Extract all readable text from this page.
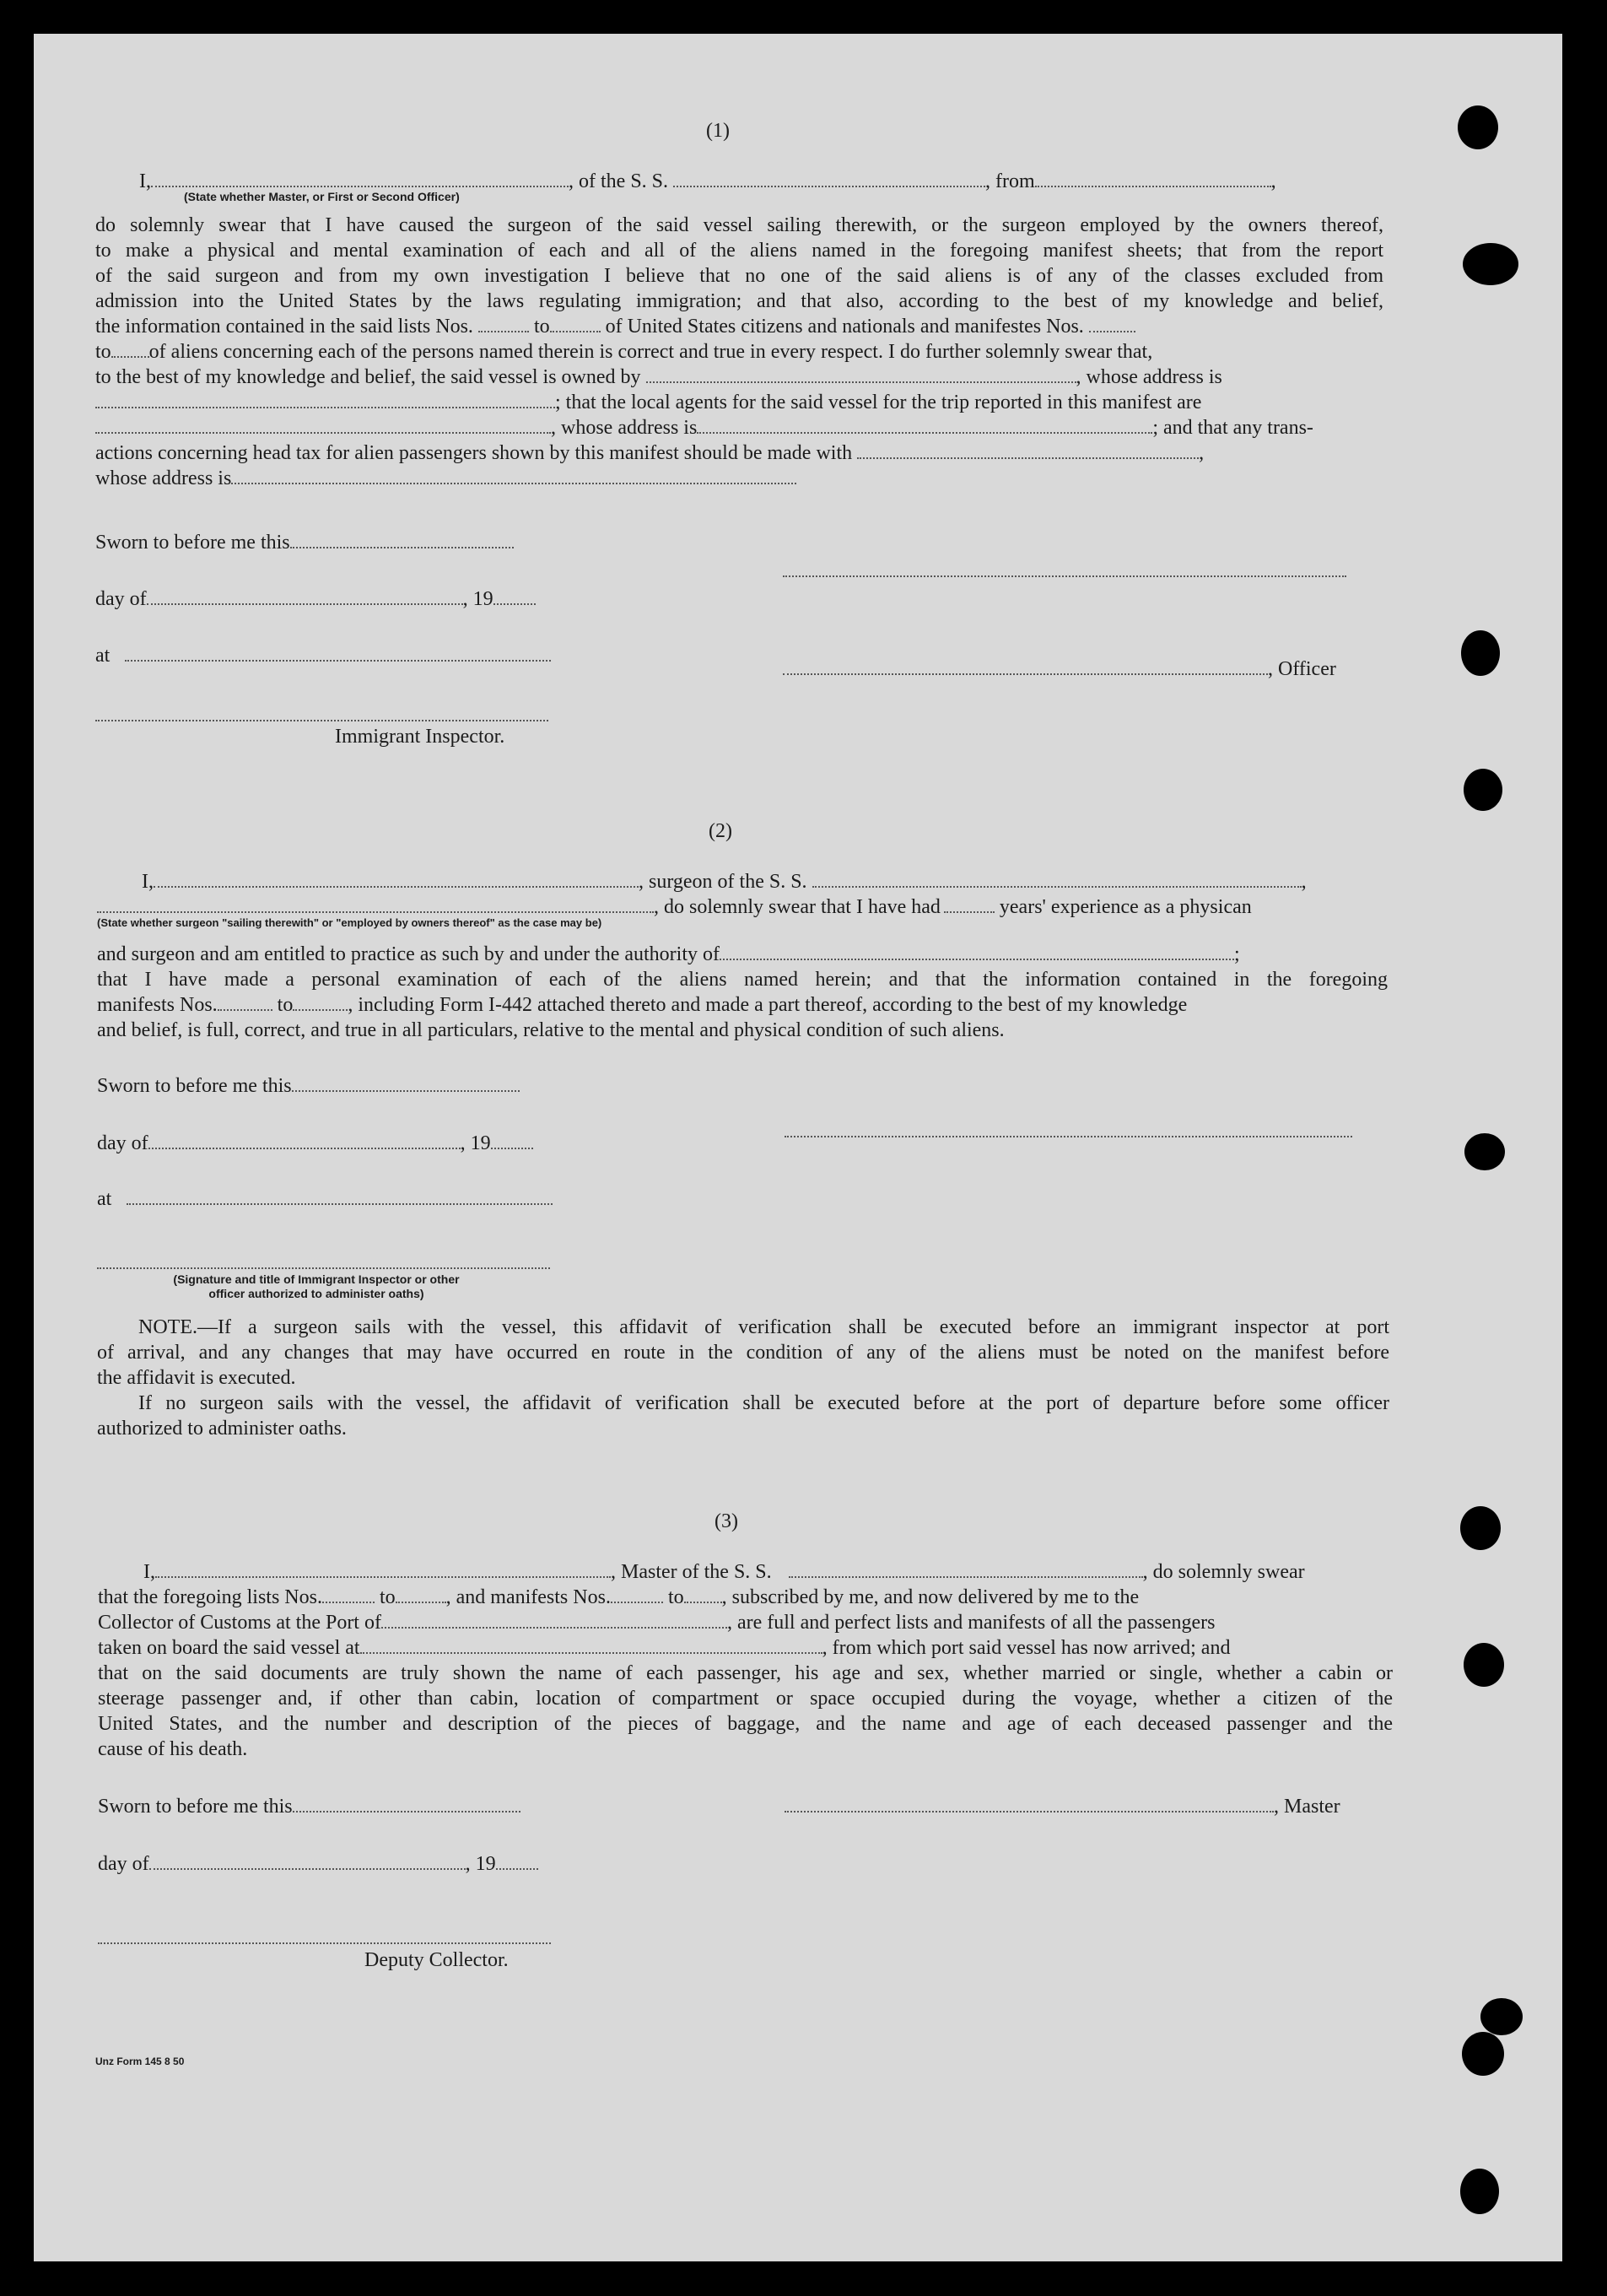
(1)
I,	, of the S. S.	, from	,
(State whether Master, or First or Second Officer)
do solemnly swear that I have caused the surgeon of the said vessel sailing therewith, or the surgeon employed by the owners thereof,
to make a physical and mental examination of each and all of the aliens named in the foregoing manifest sheets; that from the report
of the said surgeon and from my own investigation I believe that no one of the said aliens is of any of the classes excluded from
admission into the United States by the laws regulating immigration; and that also, according to the best of my knowledge and belief,
the information contained in the said lists Nos.	to	of United States citizens and nationals and manifestes Nos.
to of aliens concerning each of the persons named therein is correct and true in every respect. I do further solemnly swear that,
to the best of my knowledge and belief, the said vessel is owned by	, whose address is
; that the local agents for the said vessel for the trip reported in this manifest are
, whose address is	; and that any trans-
actions concerning head tax for alien passengers shown by this manifest should be made with	,
whose address is
Sworn to before me this
day of	, 19
at
, Officer
Immigrant Inspector.
(2)
I,	, surgeon of the S. S.	,
, do solemnly swear that I have had	years' experience as a physican
(State whether surgeon "sailing therewith" or "employed by owners thereof" as the case may be)
and surgeon and am entitled to practice as such by and under the authority of	;
that I have made a personal examination of each of the aliens named herein; and that the information contained in the foregoing
manifests Nos.	to	, including Form I-442 attached thereto and made a part thereof, according to the best of my knowledge
and belief, is full, correct, and true in all particulars, relative to the mental and physical condition of such aliens.
Sworn to before me this
day of	, 19
at
(Signature and title of Immigrant Inspector or other
officer authorized to administer oaths)
NOTE.—If a surgeon sails with the vessel, this affidavit of verification shall be executed before an immigrant inspector at port
of arrival, and any changes that may have occurred en route in the condition of any of the aliens must be noted on the manifest before
the affidavit is executed.
If no surgeon sails with the vessel, the affidavit of verification shall be executed before at the port of departure before some officer
authorized to administer oaths.
(3)
I,	, Master of the S. S.	, do solemnly swear
that the foregoing lists Nos.	to	, and manifests Nos.	to , subscribed by me, and now delivered by me to the
Collector of Customs at the Port of	, are full and perfect lists and manifests of all the passengers
taken on board the said vessel at	, from which port said vessel has now arrived; and
that on the said documents are truly shown the name of each passenger, his age and sex, whether married or single, whether a cabin or
steerage passenger and, if other than cabin, location of compartment or space occupied during the voyage, whether a citizen of the
United States, and the number and description of the pieces of baggage, and the name and age of each deceased passenger and the
cause of his death.
Sworn to before me this	, Master
day of	, 19
Deputy Collector.
Unz Form 145 8 50
